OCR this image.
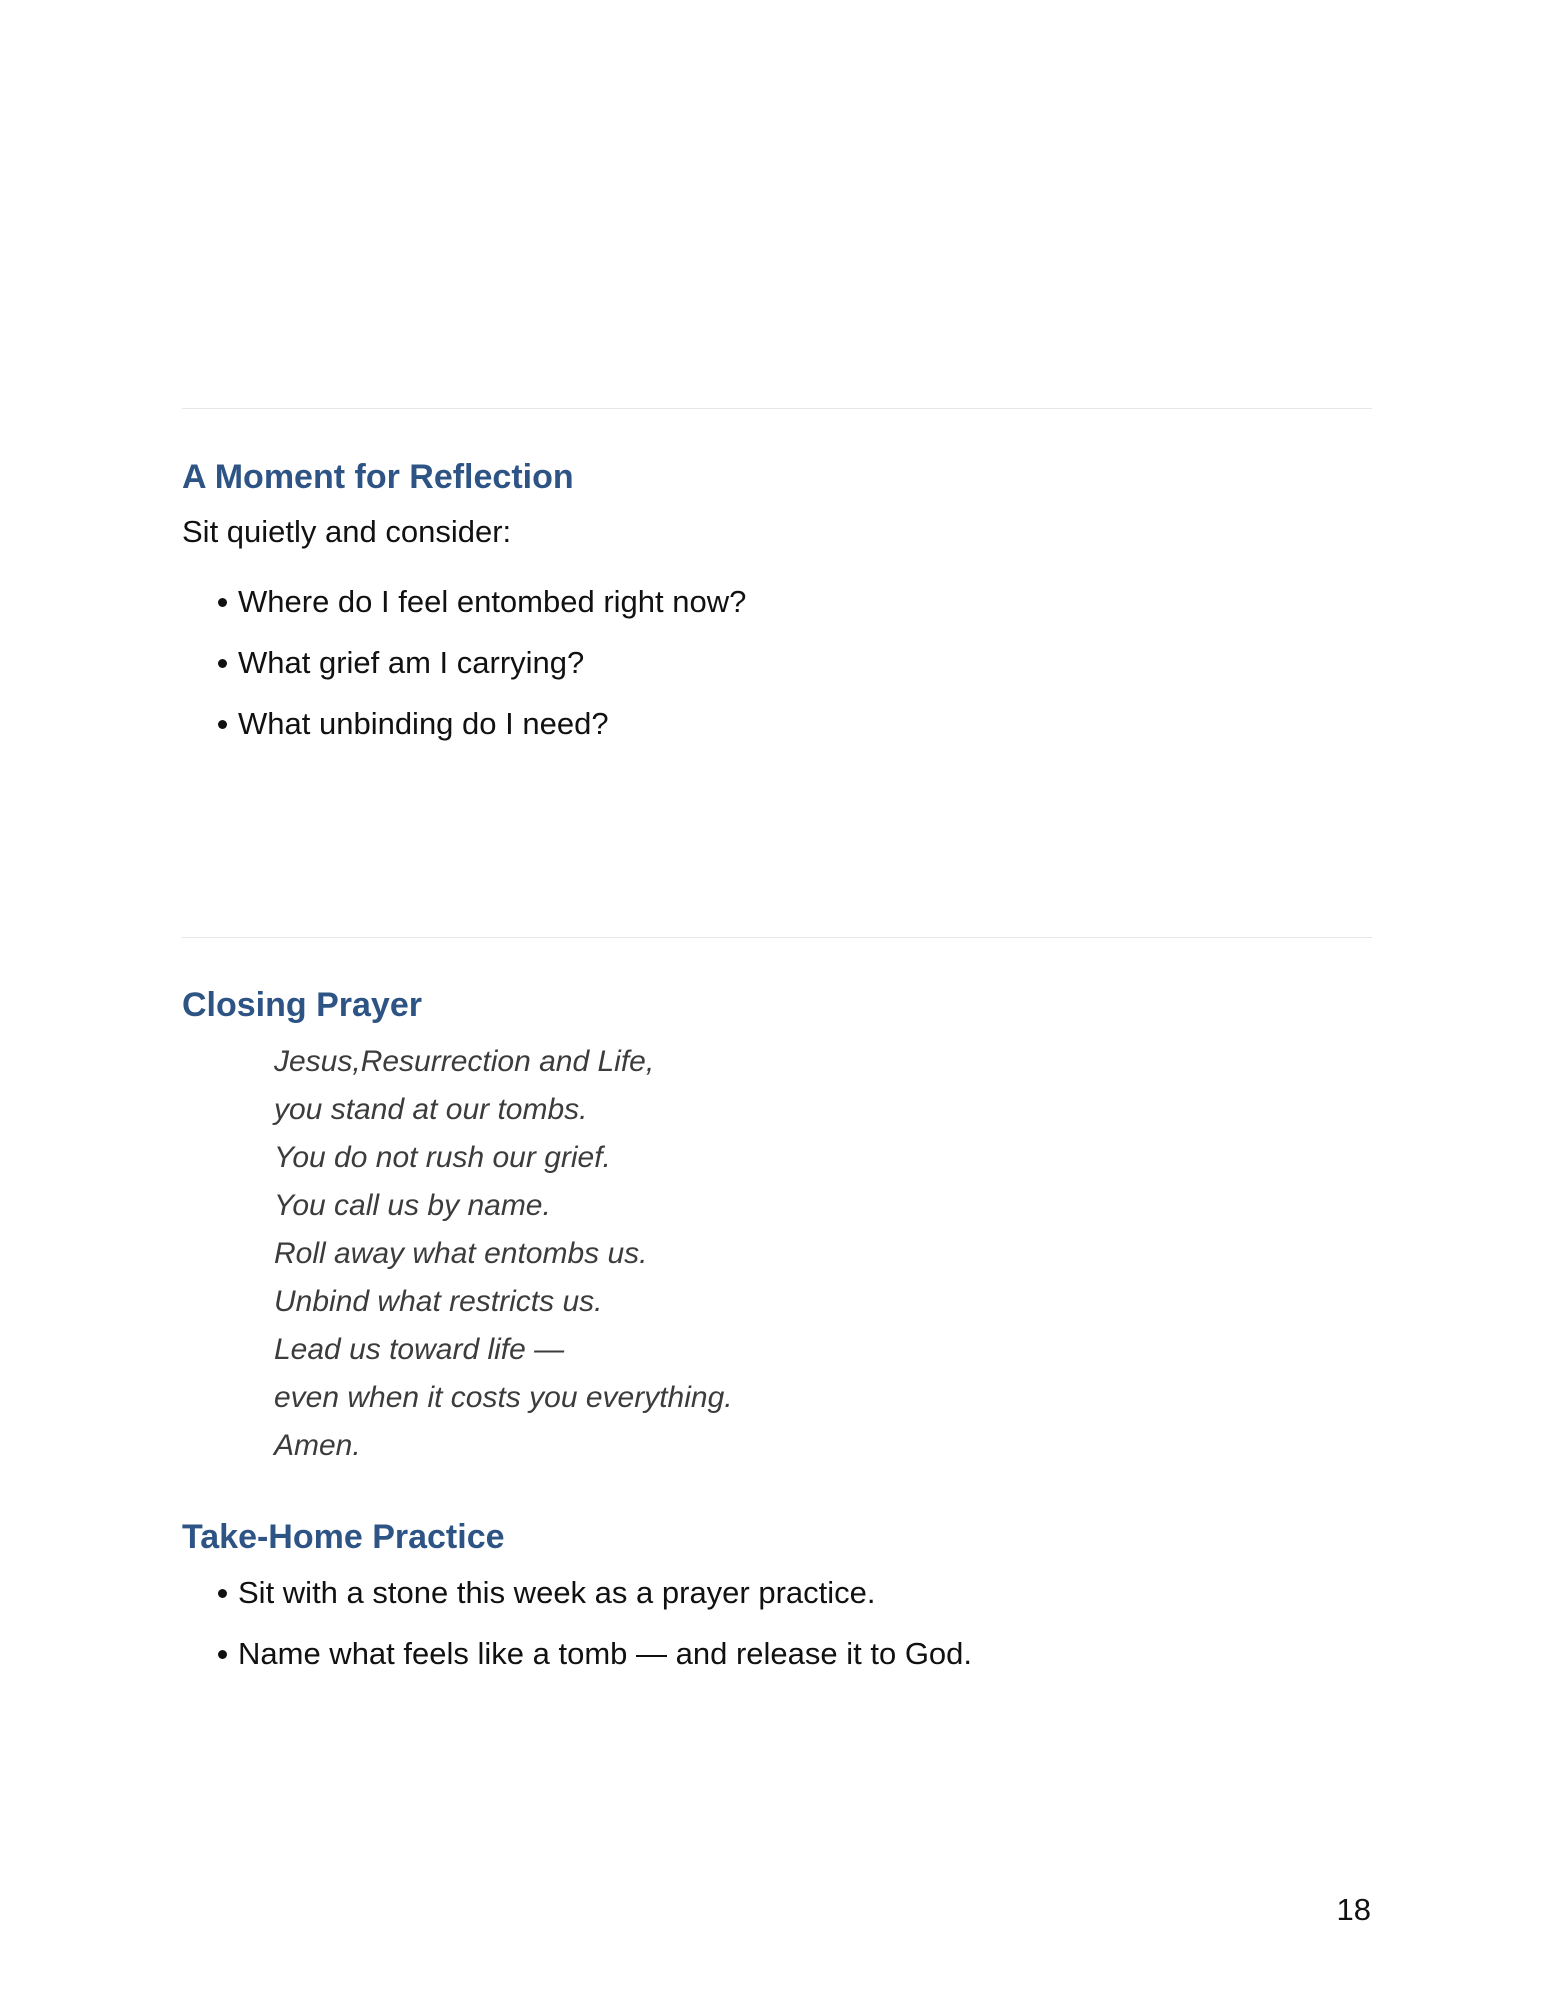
A Moment for Reflection

Sit quietly and consider:

Where do I feel entombed right now?
What grief am I carrying?
What unbinding do I need?
Closing Prayer
Jesus,Resurrection and Life,
you stand at our tombs.
You do not rush our grief.
You call us by name.
Roll away what entombs us.
Unbind what restricts us.
Lead us toward life —
even when it costs you everything.
Amen.
Take-Home Practice
Sit with a stone this week as a prayer practice.
Name what feels like a tomb — and release it to God.

18
